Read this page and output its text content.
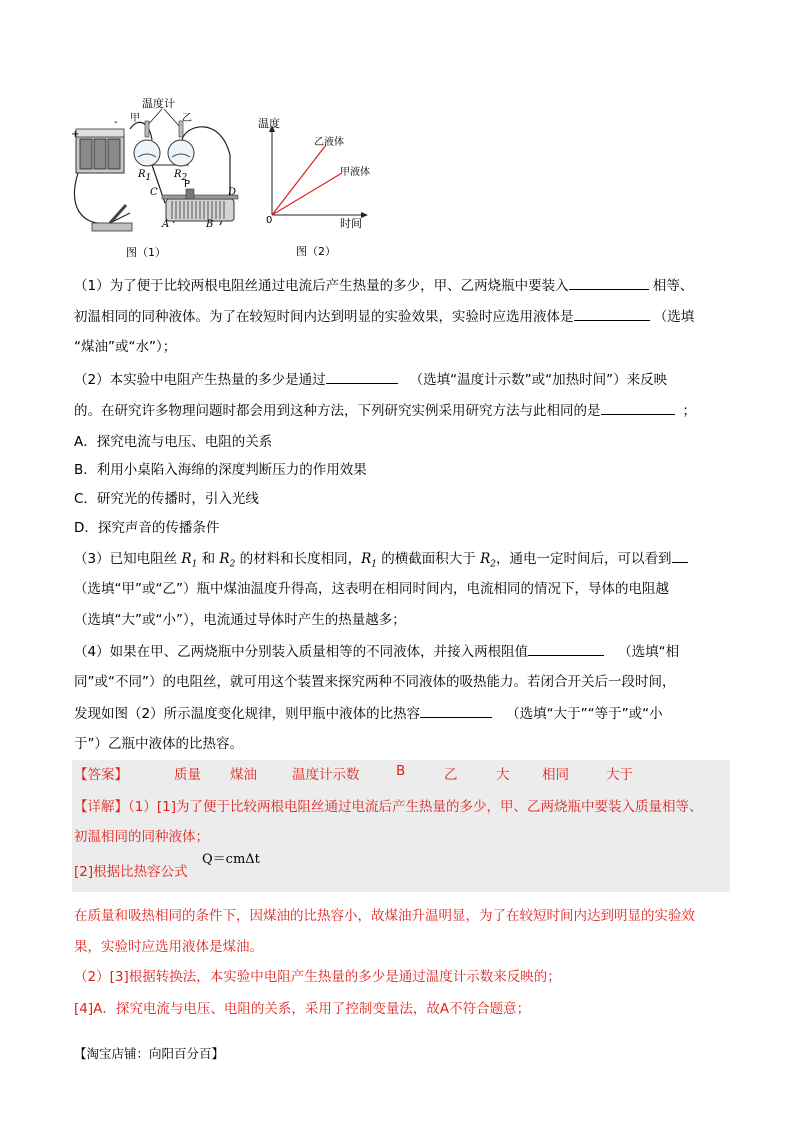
温度计
甲	乙
+
-
$R_1$ $R_2$
C
P
D
A	B
图（1）
温度
乙液体
甲液体
0	时间
图（2）
（1）为了便于比较两根电阻丝通过电流后产生热量的多少，甲、乙两烧瓶中要装入	相等、
初温相同的同种液体。为了在较短时间内达到明显的实验效果，实验时应选用液体是	（选填
“煤油”或“水”）；
（2）本实验中电阻产生热量的多少是通过	（选填“温度计示数”或“加热时间”）来反映
的。在研究许多物理问题时都会用到这种方法，下列研究实例采用研究方法与此相同的是	；
A．探究电流与电压、电阻的关系
B．利用小桌陷入海绵的深度判断压力的作用效果
C．研究光的传播时，引入光线
D．探究声音的传播条件
（3）已知电阻丝 $R_1$ 和 $R_2$ 的材料和长度相同，$R_1$ 的横截面积大于 $R_2$，通电一定时间后，可以看到
（选填“甲”或“乙”）瓶中煤油温度升得高，这表明在相同时间内，电流相同的情况下，导体的电阻越
（选填“大”或“小”），电流通过导体时产生的热量越多；
（4）如果在甲、乙两烧瓶中分别装入质量相等的不同液体，并接入两根阻值	（选填“相
同”或“不同”）的电阻丝，就可用这个装置来探究两种不同液体的吸热能力。若闭合开关后一段时间，
发现如图（2）所示温度变化规律，则甲瓶中液体的比热容	（选填“大于”“等于”或“小
于”）乙瓶中液体的比热容。
【答案】	质量 煤油	温度计示数	B	乙	大 相同	大于
【详解】（1）[1]为了便于比较两根电阻丝通过电流后产生热量的多少，甲、乙两烧瓶中要装入质量相等、
初温相同的同种液体；
[2]根据比热容公式
Q＝cmΔt
在质量和吸热相同的条件下，因煤油的比热容小，故煤油升温明显，为了在较短时间内达到明显的实验效
果，实验时应选用液体是煤油。
（2）[3]根据转换法，本实验中电阻产生热量的多少是通过温度计示数来反映的；
[4]A．探究电流与电压、电阻的关系，采用了控制变量法，故A不符合题意；
【淘宝店铺：向阳百分百】
